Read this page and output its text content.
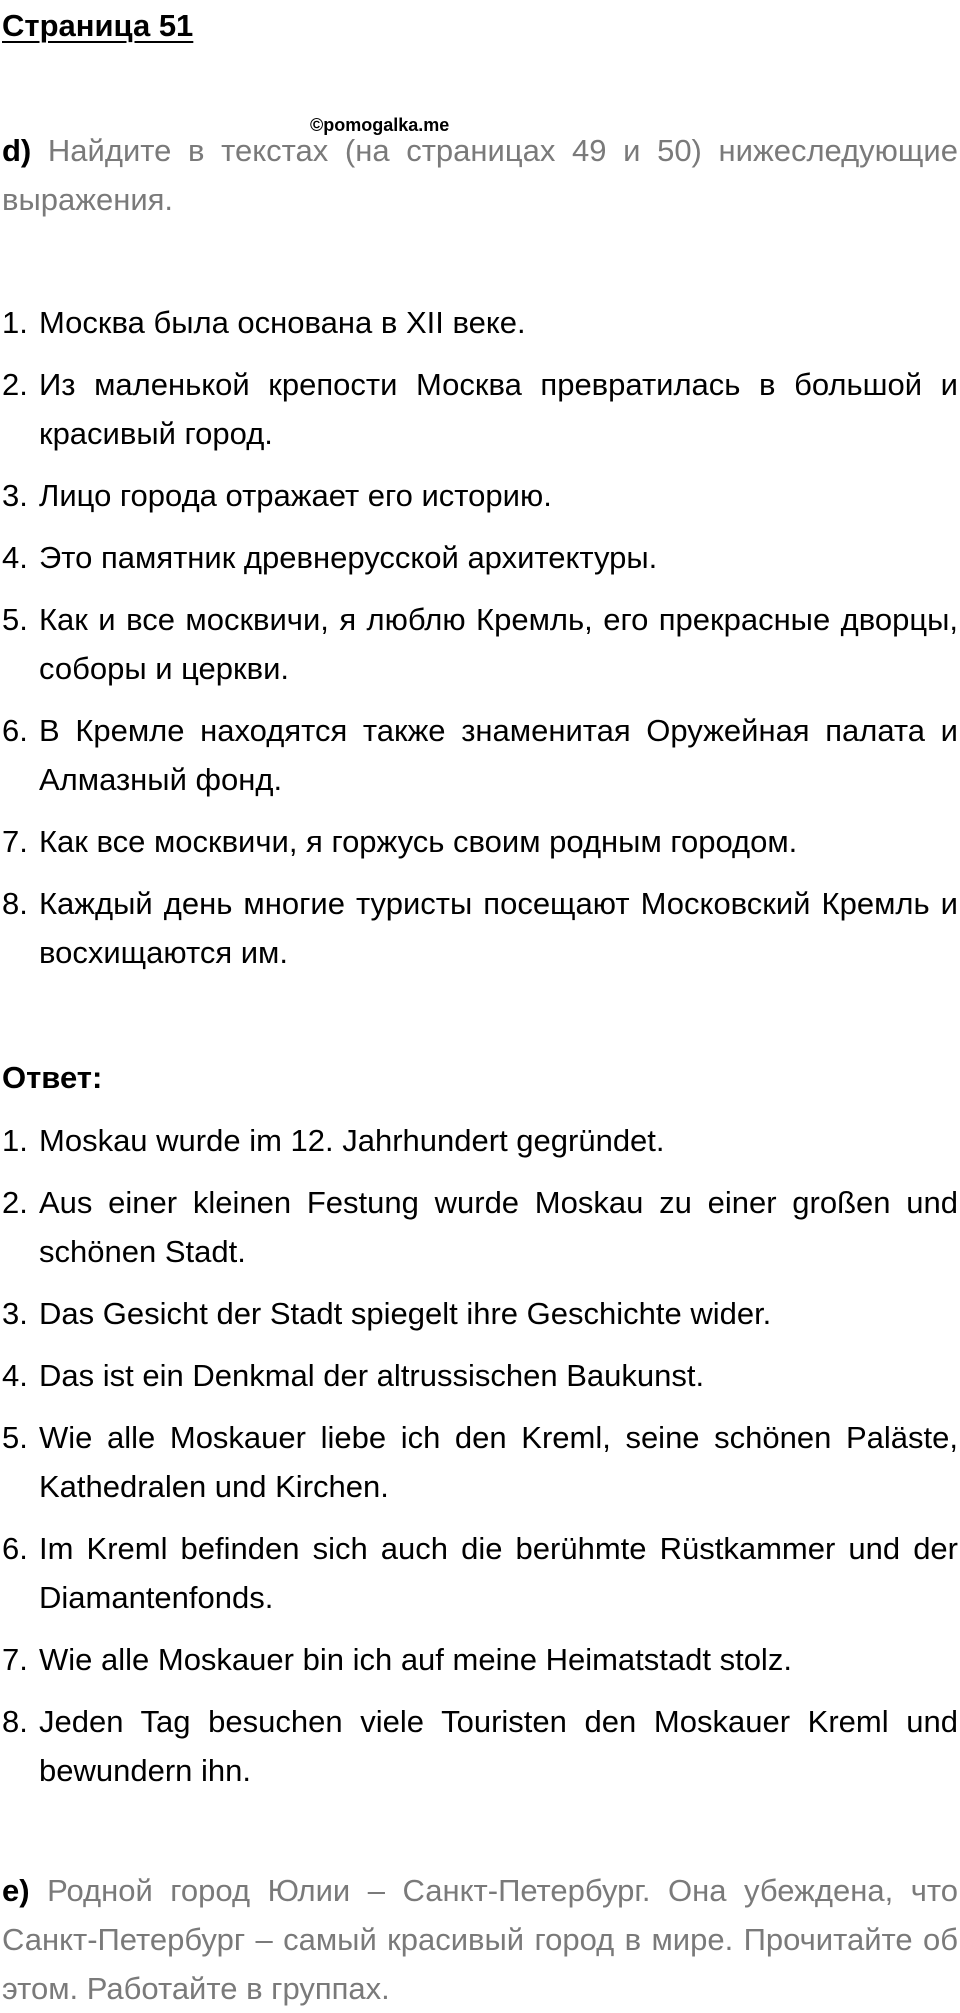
Страница 51
©pomogalka.me
d) Найдите в текстах (на страницах 49 и 50) нижеследующие выражения.
1. Москва была основана в XII веке.
2. Из маленькой крепости Москва превратилась в большой и красивый город.
3. Лицо города отражает его историю.
4. Это памятник древнерусской архитектуры.
5. Как и все москвичи, я люблю Кремль, его прекрасные дворцы, соборы и церкви.
6. В Кремле находятся также знаменитая Оружейная палата и Алмазный фонд.
7. Как все москвичи, я горжусь своим родным городом.
8. Каждый день многие туристы посещают Московский Кремль и восхищаются им.
Ответ:
1. Moskau wurde im 12. Jahrhundert gegründet.
2. Aus einer kleinen Festung wurde Moskau zu einer großen und schönen Stadt.
3. Das Gesicht der Stadt spiegelt ihre Geschichte wider.
4. Das ist ein Denkmal der altrussischen Baukunst.
5. Wie alle Moskauer liebe ich den Kreml, seine schönen Paläste, Kathedralen und Kirchen.
6. Im Kreml befinden sich auch die berühmte Rüstkammer und der Diamantenfonds.
7. Wie alle Moskauer bin ich auf meine Heimatstadt stolz.
8. Jeden Tag besuchen viele Touristen den Moskauer Kreml und bewundern ihn.
e) Родной город Юлии – Санкт-Петербург. Она убеждена, что Санкт-Петербург – самый красивый город в мире. Прочитайте об этом. Работайте в группах.
